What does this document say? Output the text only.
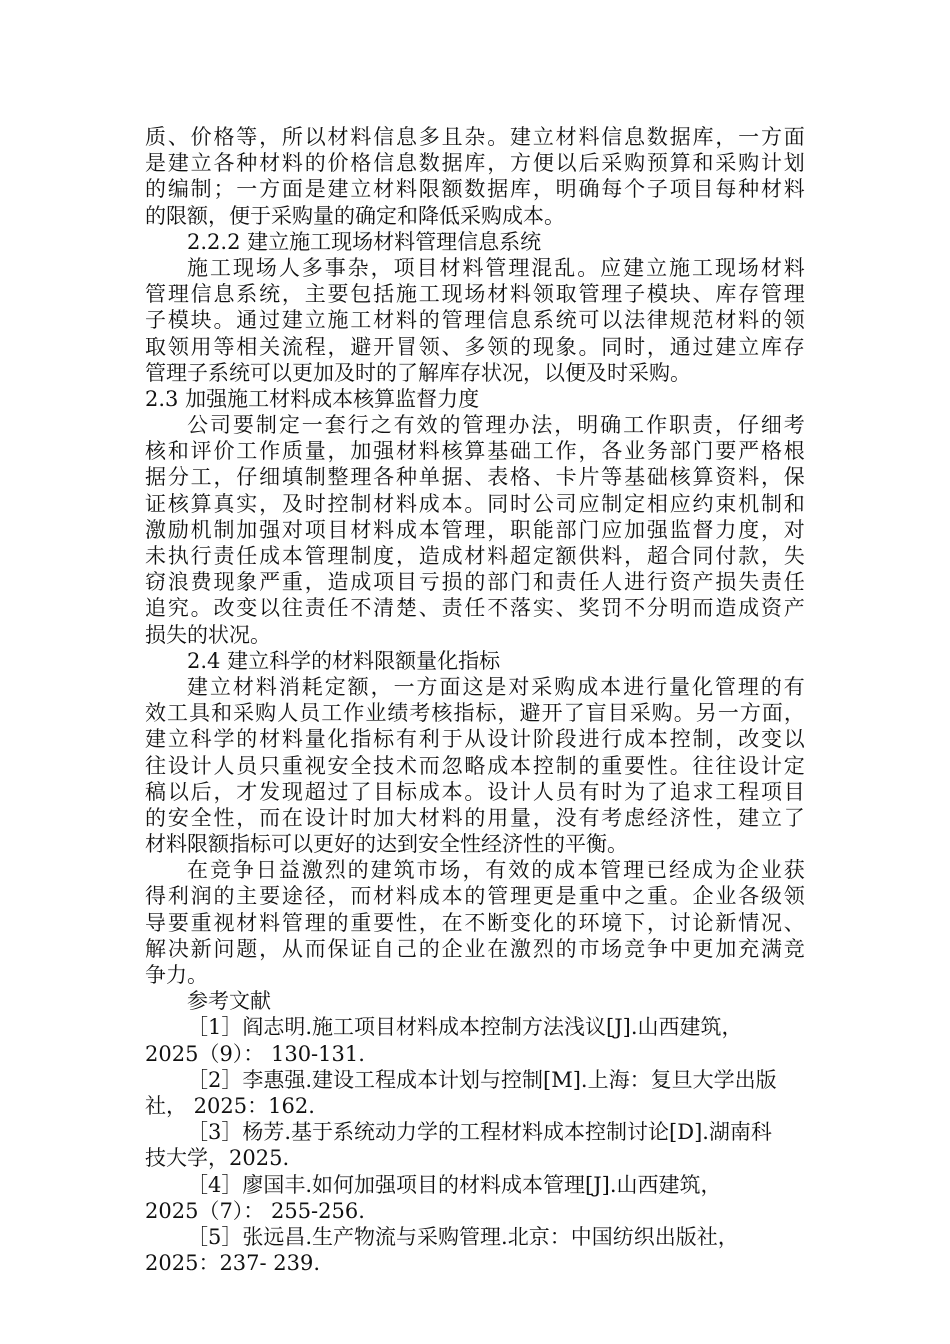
质 、 价 格 等 ， 所 以 材 料 信 息 多 且 杂 。 建 立 材 料 信 息 数 据 库 ， 一 方 面
是 建 立 各 种 材 料 的 价 格 信 息 数 据 库 ， 方 便 以 后 采 购 预 算 和 采 购 计 划
的 编 制 ； 一 方 面 是 建 立 材 料 限 额 数 据 库 ， 明 确 每 个 子 项 目 每 种 材 料
的限额，便于采购量的确定和降低采购成本。
2.2.2 建立施工现场材料管理信息系统
施 工 现 场 人 多 事 杂 ， 项 目 材 料 管 理 混 乱 。 应 建 立 施 工 现 场 材 料
管 理 信 息 系 统 ， 主 要 包 括 施 工 现 场 材 料 领 取 管 理 子 模 块 、 库 存 管 理
子 模 块 。 通 过 建 立 施 工 材 料 的 管 理 信 息 系 统 可 以 法 律 规 范 材 料 的 领
取 领 用 等 相 关 流 程 ， 避 开 冒 领 、 多 领 的 现 象 。 同 时 ， 通 过 建 立 库 存
管理子系统可以更加及时的了解库存状况，以便及时采购。
2.3 加强施工材料成本核算监督力度
公 司 要 制 定 一 套 行 之 有 效 的 管 理 办 法 ， 明 确 工 作 职 责 ， 仔 细 考
核 和 评 价 工 作 质 量 ， 加 强 材 料 核 算 基 础 工 作 ， 各 业 务 部 门 要 严 格 根
据 分 工 ， 仔 细 填 制 整 理 各 种 单 据 、 表 格 、 卡 片 等 基 础 核 算 资 料 ， 保
证 核 算 真 实 ， 及 时 控 制 材 料 成 本 。 同 时 公 司 应 制 定 相 应 约 束 机 制 和
激 励 机 制 加 强 对 项 目 材 料 成 本 管 理 ， 职 能 部 门 应 加 强 监 督 力 度 ， 对
未 执 行 责 任 成 本 管 理 制 度 ， 造 成 材 料 超 定 额 供 料 ， 超 合 同 付 款 ， 失
窃 浪 费 现 象 严 重 ， 造 成 项 目 亏 损 的 部 门 和 责 任 人 进 行 资 产 损 失 责 任
追 究 。 改 变 以 往 责 任 不 清 楚 、 责 任 不 落 实 、 奖 罚 不 分 明 而 造 成 资 产
损失的状况。
2.4 建立科学的材料限额量化指标
建 立 材 料 消 耗 定 额 ， 一 方 面 这 是 对 采 购 成 本 进 行 量 化 管 理 的 有
效 工 具 和 采 购 人 员 工 作 业 绩 考 核 指 标 ， 避 开 了 盲 目 采 购 。 另 一 方 面 ，
建 立 科 学 的 材 料 量 化 指 标 有 利 于 从 设 计 阶 段 进 行 成 本 控 制 ， 改 变 以
往 设 计 人 员 只 重 视 安 全 技 术 而 忽 略 成 本 控 制 的 重 要 性 。 往 往 设 计 定
稿 以 后 ， 才 发 现 超 过 了 目 标 成 本 。 设 计 人 员 有 时 为 了 追 求 工 程 项 目
的 安 全 性 ， 而 在 设 计 时 加 大 材 料 的 用 量 ， 没 有 考 虑 经 济 性 ， 建 立 了
材料限额指标可以更好的达到安全性经济性的平衡。
在 竞 争 日 益 激 烈 的 建 筑 市 场 ， 有 效 的 成 本 管 理 已 经 成 为 企 业 获
得 利 润 的 主 要 途 径 ， 而 材 料 成 本 的 管 理 更 是 重 中 之 重 。 企 业 各 级 领
导 要 重 视 材 料 管 理 的 重 要 性 ， 在 不 断 变 化 的 环 境 下 ， 讨 论 新 情 况 、
解 决 新 问 题 ， 从 而 保 证 自 己 的 企 业 在 激 烈 的 市 场 竞 争 中 更 加 充 满 竞
争力。
参考文献
［1］阎志明.施工项目材料成本控制方法浅议[J].山西建筑，
2025（9）： 130-131.
［2］李惠强.建设工程成本计划与控制[M].上海：复旦大学出版
社， 2025：162.
［3］杨芳.基于系统动力学的工程材料成本控制讨论[D].湖南科
技大学，2025.
［4］廖国丰.如何加强项目的材料成本管理[J].山西建筑，
2025（7）： 255-256.
［5］张远昌.生产物流与采购管理.北京：中国纺织出版社，
2025：237- 239.
